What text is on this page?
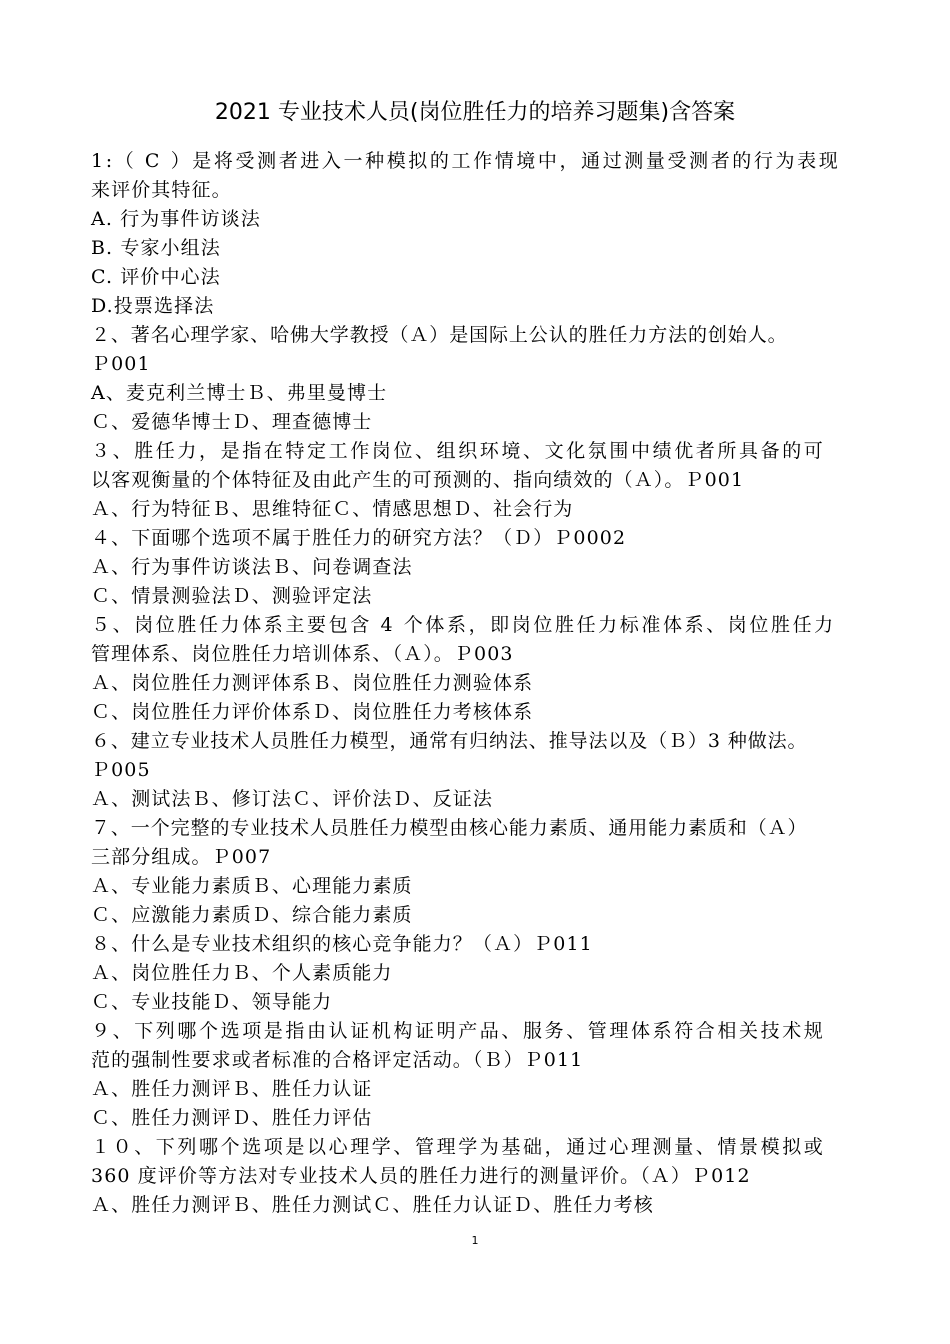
2021 专业技术人员(岗位胜任力的培养习题集)含答案
1:（ C ）是将受测者进入一种模拟的工作情境中，通过测量受测者的行为表现
来评价其特征。
A. 行为事件访谈法
B. 专家小组法
C. 评价中心法
D.投票选择法
２、著名心理学家、哈佛大学教授（Ａ）是国际上公认的胜任力方法的创始人。
Ｐ001
A、麦克利兰博士Ｂ、弗里曼博士
Ｃ、爱德华博士Ｄ、理查德博士
３、胜任力，是指在特定工作岗位、组织环境、文化氛围中绩优者所具备的可
以客观衡量的个体特征及由此产生的可预测的、指向绩效的（Ａ）。Ｐ001
Ａ、行为特征Ｂ、思维特征Ｃ、情感思想Ｄ、社会行为
４、下面哪个选项不属于胜任力的研究方法？（Ｄ）Ｐ0002
Ａ、行为事件访谈法Ｂ、问卷调查法
Ｃ、情景测验法Ｄ、测验评定法
５、岗位胜任力体系主要包含 4 个体系，即岗位胜任力标准体系、岗位胜任力
管理体系、岗位胜任力培训体系、（Ａ）。Ｐ003
Ａ、岗位胜任力测评体系Ｂ、岗位胜任力测验体系
Ｃ、岗位胜任力评价体系Ｄ、岗位胜任力考核体系
６、建立专业技术人员胜任力模型，通常有归纳法、推导法以及（Ｂ）3 种做法。
Ｐ005
Ａ、测试法Ｂ、修订法Ｃ、评价法Ｄ、反证法
７、一个完整的专业技术人员胜任力模型由核心能力素质、通用能力素质和（Ａ）
三部分组成。Ｐ007
Ａ、专业能力素质Ｂ、心理能力素质
Ｃ、应激能力素质Ｄ、综合能力素质
８、什么是专业技术组织的核心竞争能力？（Ａ）Ｐ011
Ａ、岗位胜任力Ｂ、个人素质能力
Ｃ、专业技能Ｄ、领导能力
９、下列哪个选项是指由认证机构证明产品、服务、管理体系符合相关技术规
范的强制性要求或者标准的合格评定活动。（Ｂ）Ｐ011
Ａ、胜任力测评Ｂ、胜任力认证
Ｃ、胜任力测评Ｄ、胜任力评估
１０、下列哪个选项是以心理学、管理学为基础，通过心理测量、情景模拟或
360 度评价等方法对专业技术人员的胜任力进行的测量评价。（Ａ）Ｐ012
Ａ、胜任力测评Ｂ、胜任力测试Ｃ、胜任力认证Ｄ、胜任力考核
1
